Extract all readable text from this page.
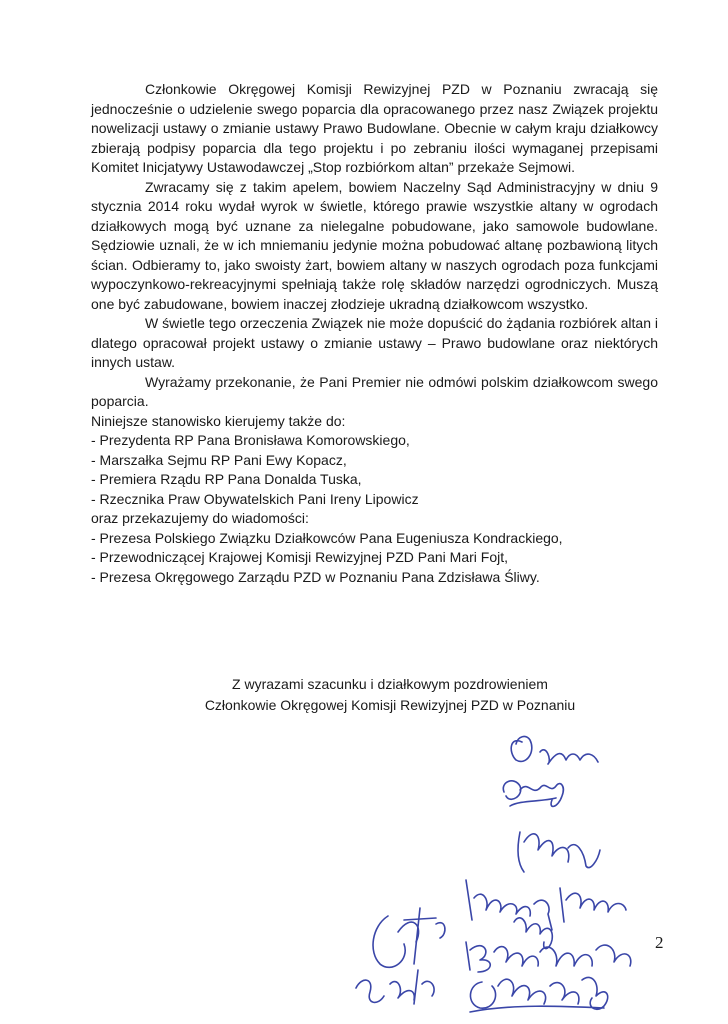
Członkowie Okręgowej Komisji Rewizyjnej PZD w Poznaniu zwracają się jednocześnie o udzielenie swego poparcia dla opracowanego przez nasz Związek projektu nowelizacji ustawy o zmianie ustawy Prawo Budowlane. Obecnie w całym kraju działkowcy zbierają podpisy poparcia dla tego projektu i po zebraniu ilości wymaganej przepisami Komitet Inicjatywy Ustawodawczej „Stop rozbiórkom altan” przekaże Sejmowi.

Zwracamy się z takim apelem, bowiem Naczelny Sąd Administracyjny w dniu 9 stycznia 2014 roku wydał wyrok w świetle, którego prawie wszystkie altany w ogrodach działkowych mogą być uznane za nielegalne pobudowane, jako samowole budowlane. Sędziowie uznali, że w ich mniemaniu jedynie można pobudować altanę pozbawioną litych ścian. Odbieramy to, jako swoisty żart, bowiem altany w naszych ogrodach poza funkcjami wypoczynkowo-rekreacyjnymi spełniają także rolę składów narzędzi ogrodniczych. Muszą one być zabudowane, bowiem inaczej złodzieje ukradną działkowcom wszystko.

W świetle tego orzeczenia Związek nie może dopuścić do żądania rozbiórek altan i dlatego opracował projekt ustawy o zmianie ustawy – Prawo budowlane oraz niektórych innych ustaw.

Wyrażamy przekonanie, że Pani Premier nie odmówi polskim działkowcom swego poparcia.

Niniejsze stanowisko kierujemy także do:

- Prezydenta RP Pana Bronisława Komorowskiego,
- Marszałka Sejmu RP Pani Ewy Kopacz,
- Premiera Rządu RP Pana Donalda Tuska,
- Rzecznika Praw Obywatelskich Pani Ireny Lipowicz

oraz przekazujemy do wiadomości:

- Prezesa Polskiego Związku Działkowców Pana Eugeniusza Kondrackiego,
- Przewodniczącej Krajowej Komisji Rewizyjnej PZD Pani Mari Fojt,
- Prezesa Okręgowego Zarządu PZD w Poznaniu Pana Zdzisława Śliwy.
Z wyrazami szacunku i działkowym pozdrowieniem
Członkowie Okręgowej Komisji Rewizyjnej PZD w Poznaniu
2
